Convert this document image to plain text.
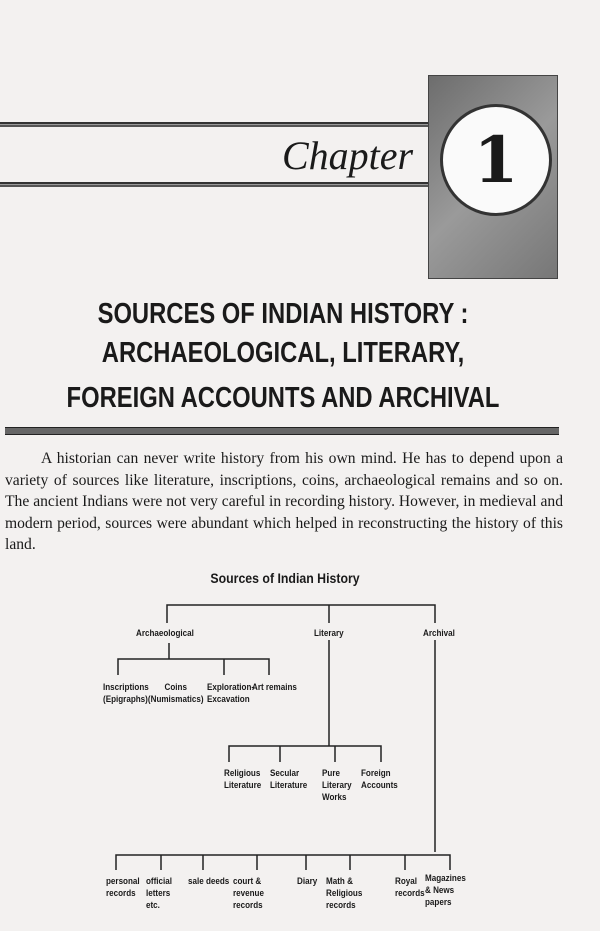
1
Chapter
SOURCES OF INDIAN HISTORY :
ARCHAEOLOGICAL, LITERARY,
FOREIGN ACCOUNTS AND ARCHIVAL

A historian can never write history from his own mind. He has to depend upon a variety of sources like literature, inscriptions, coins, archaeological remains and so on. The ancient Indians were not very careful in recording history. However, in medieval and modern period, sources were abundant which helped in reconstructing the history of this land.

Sources of Indian History
Archaeological	Literary	Archival
Inscriptions (Epigraphs)
Coins (Numismatics)
Exploration- Excavation
Art remains
Religious Literature
Secular Literature
Pure Literary Works
Foreign Accounts
personal records
official letters etc.
sale deeds court & revenue records
Diary Math & Religious records
Royal records
Magazines & News papers
